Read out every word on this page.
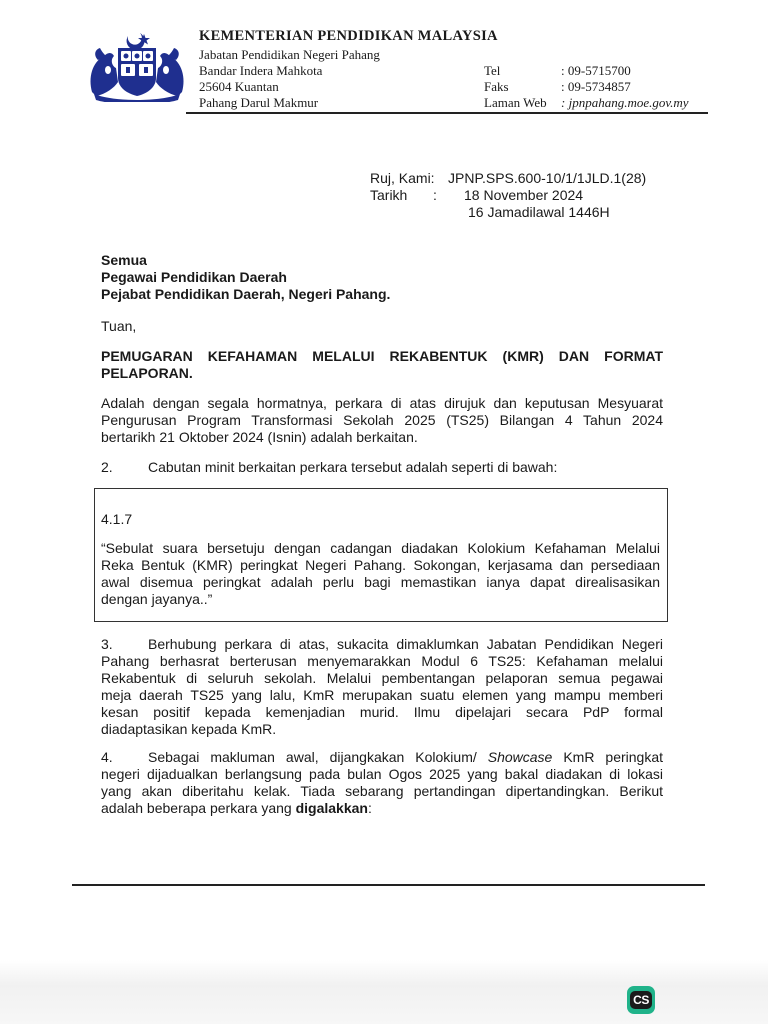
KEMENTERIAN PENDIDIKAN MALAYSIA
Jabatan Pendidikan Negeri Pahang
Bandar Indera Mahkota
25604 Kuantan
Pahang Darul Makmur
Tel	: 09-5715700
Faks	: 09-5734857
Laman Web : jpnpahang.moe.gov.my
Ruj, Kami: JPNP.SPS.600-10/1/1JLD.1(28)
Tarikh : 18 November 2024
16 Jamadilawal 1446H
Semua
Pegawai Pendidikan Daerah
Pejabat Pendidikan Daerah, Negeri Pahang.
Tuan,
PEMUGARAN KEFAHAMAN MELALUI REKABENTUK (KMR) DAN FORMAT
PELAPORAN.
Adalah dengan segala hormatnya, perkara di atas dirujuk dan keputusan Mesyuarat
Pengurusan Program Transformasi Sekolah 2025 (TS25) Bilangan 4 Tahun 2024
bertarikh 21 Oktober 2024 (Isnin) adalah berkaitan.
2.	Cabutan minit berkaitan perkara tersebut adalah seperti di bawah:
4.1.7
“Sebulat suara bersetuju dengan cadangan diadakan Kolokium Kefahaman Melalui
Reka Bentuk (KMR) peringkat Negeri Pahang. Sokongan, kerjasama dan persediaan
awal disemua peringkat adalah perlu bagi memastikan ianya dapat direalisasikan
dengan jayanya..”
3.	Berhubung perkara di atas, sukacita dimaklumkan Jabatan Pendidikan Negeri
Pahang berhasrat berterusan menyemarakkan Modul 6 TS25: Kefahaman melalui
Rekabentuk di seluruh sekolah. Melalui pembentangan pelaporan semua pegawai
meja daerah TS25 yang lalu, KmR merupakan suatu elemen yang mampu memberi
kesan positif kepada kemenjadian murid. Ilmu dipelajari secara PdP formal
diadaptasikan kepada KmR.
4.	Sebagai makluman awal, dijangkakan Kolokium/ Showcase KmR peringkat
negeri dijadualkan berlangsung pada bulan Ogos 2025 yang bakal diadakan di lokasi
yang akan diberitahu kelak. Tiada sebarang pertandingan dipertandingkan. Berikut
adalah beberapa perkara yang digalakkan:
CS
